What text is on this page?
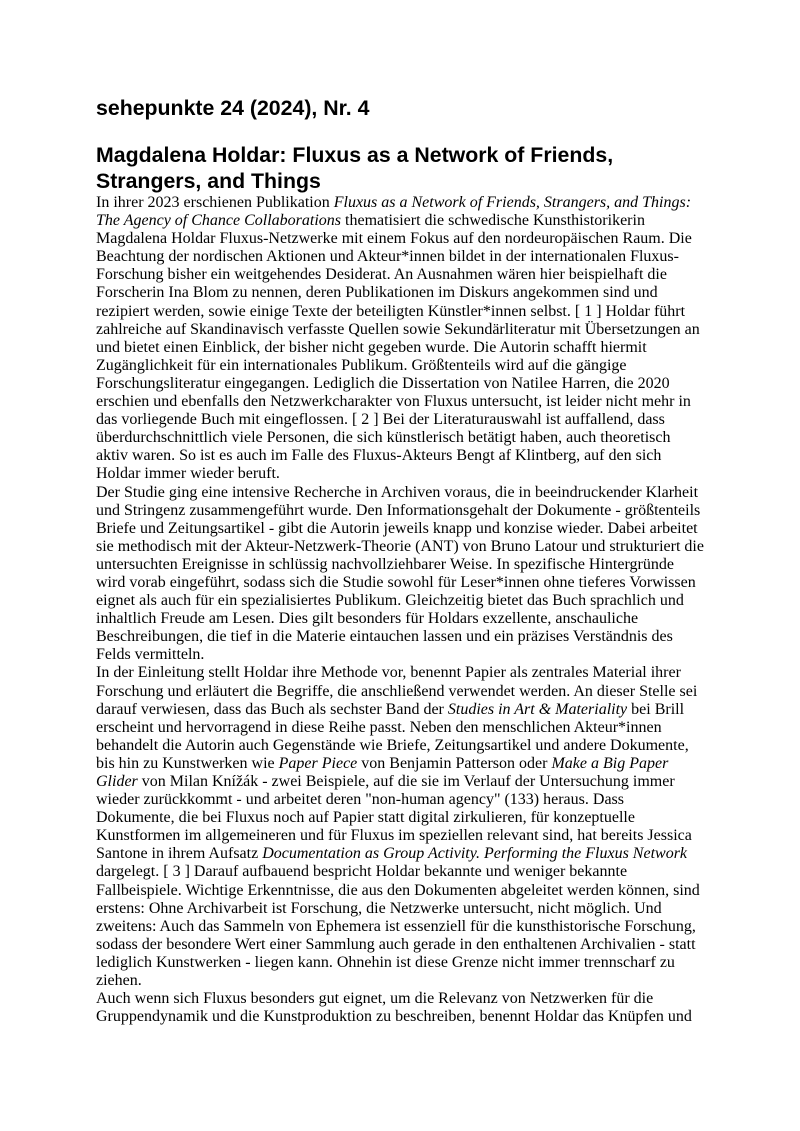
sehepunkte 24 (2024), Nr. 4
Magdalena Holdar: Fluxus as a Network of Friends, Strangers, and Things

In ihrer 2023 erschienen Publikation Fluxus as a Network of Friends, Strangers, and Things: The Agency of Chance Collaborations thematisiert die schwedische Kunsthistorikerin Magdalena Holdar Fluxus-Netzwerke mit einem Fokus auf den nordeuropäischen Raum. Die Beachtung der nordischen Aktionen und Akteur*innen bildet in der internationalen Fluxus-Forschung bisher ein weitgehendes Desiderat. An Ausnahmen wären hier beispielhaft die Forscherin Ina Blom zu nennen, deren Publikationen im Diskurs angekommen sind und rezipiert werden, sowie einige Texte der beteiligten Künstler*innen selbst. [ 1 ] Holdar führt zahlreiche auf Skandinavisch verfasste Quellen sowie Sekundärliteratur mit Übersetzungen an und bietet einen Einblick, der bisher nicht gegeben wurde. Die Autorin schafft hiermit Zugänglichkeit für ein internationales Publikum. Größtenteils wird auf die gängige Forschungsliteratur eingegangen. Lediglich die Dissertation von Natilee Harren, die 2020 erschien und ebenfalls den Netzwerkcharakter von Fluxus untersucht, ist leider nicht mehr in das vorliegende Buch mit eingeflossen. [ 2 ] Bei der Literaturauswahl ist auffallend, dass überdurchschnittlich viele Personen, die sich künstlerisch betätigt haben, auch theoretisch aktiv waren. So ist es auch im Falle des Fluxus-Akteurs Bengt af Klintberg, auf den sich Holdar immer wieder beruft.

Der Studie ging eine intensive Recherche in Archiven voraus, die in beeindruckender Klarheit und Stringenz zusammengeführt wurde. Den Informationsgehalt der Dokumente - größtenteils Briefe und Zeitungsartikel - gibt die Autorin jeweils knapp und konzise wieder. Dabei arbeitet sie methodisch mit der Akteur-Netzwerk-Theorie (ANT) von Bruno Latour und strukturiert die untersuchten Ereignisse in schlüssig nachvollziehbarer Weise. In spezifische Hintergründe wird vorab eingeführt, sodass sich die Studie sowohl für Leser*innen ohne tieferes Vorwissen eignet als auch für ein spezialisiertes Publikum. Gleichzeitig bietet das Buch sprachlich und inhaltlich Freude am Lesen. Dies gilt besonders für Holdars exzellente, anschauliche Beschreibungen, die tief in die Materie eintauchen lassen und ein präzises Verständnis des Felds vermitteln.

In der Einleitung stellt Holdar ihre Methode vor, benennt Papier als zentrales Material ihrer Forschung und erläutert die Begriffe, die anschließend verwendet werden. An dieser Stelle sei darauf verwiesen, dass das Buch als sechster Band der Studies in Art & Materiality bei Brill erscheint und hervorragend in diese Reihe passt. Neben den menschlichen Akteur*innen behandelt die Autorin auch Gegenstände wie Briefe, Zeitungsartikel und andere Dokumente, bis hin zu Kunstwerken wie Paper Piece von Benjamin Patterson oder Make a Big Paper Glider von Milan Knížák - zwei Beispiele, auf die sie im Verlauf der Untersuchung immer wieder zurückkommt - und arbeitet deren "non-human agency" (133) heraus. Dass Dokumente, die bei Fluxus noch auf Papier statt digital zirkulieren, für konzeptuelle Kunstformen im allgemeineren und für Fluxus im speziellen relevant sind, hat bereits Jessica Santone in ihrem Aufsatz Documentation as Group Activity. Performing the Fluxus Network dargelegt. [ 3 ] Darauf aufbauend bespricht Holdar bekannte und weniger bekannte Fallbeispiele. Wichtige Erkenntnisse, die aus den Dokumenten abgeleitet werden können, sind erstens: Ohne Archivarbeit ist Forschung, die Netzwerke untersucht, nicht möglich. Und zweitens: Auch das Sammeln von Ephemera ist essenziell für die kunsthistorische Forschung, sodass der besondere Wert einer Sammlung auch gerade in den enthaltenen Archivalien - statt lediglich Kunstwerken - liegen kann. Ohnehin ist diese Grenze nicht immer trennscharf zu ziehen.

Auch wenn sich Fluxus besonders gut eignet, um die Relevanz von Netzwerken für die Gruppendynamik und die Kunstproduktion zu beschreiben, benennt Holdar das Knüpfen und
